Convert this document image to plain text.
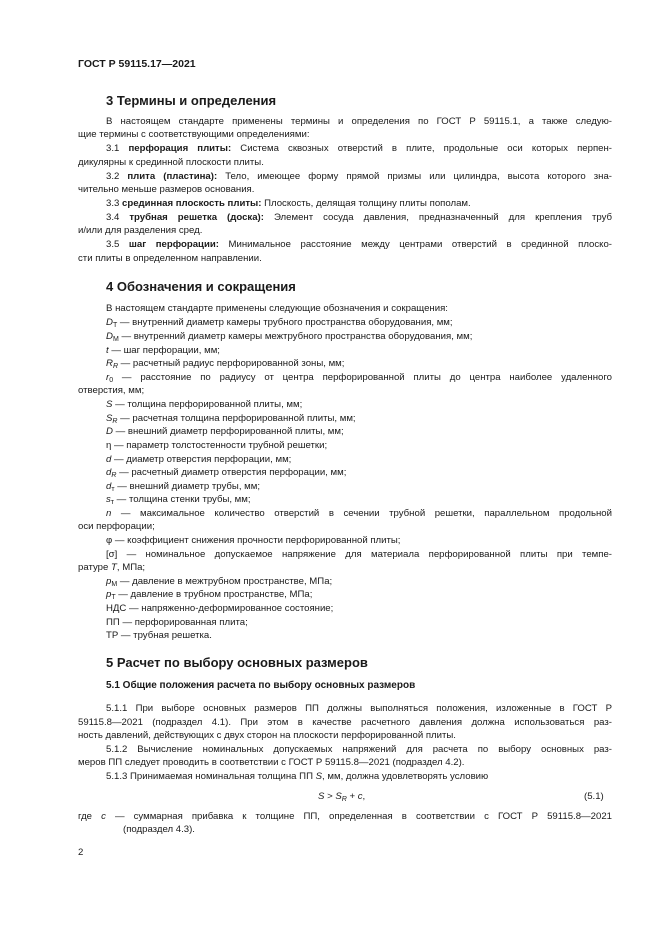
ГОСТ Р 59115.17—2021
3 Термины и определения
В настоящем стандарте применены термины и определения по ГОСТ Р 59115.1, а также следую-
щие термины с соответствующими определениями:
3.1 перфорация плиты: Система сквозных отверстий в плите, продольные оси которых перпен-
дикулярны к срединной плоскости плиты.
3.2 плита (пластина): Тело, имеющее форму прямой призмы или цилиндра, высота которого зна-
чительно меньше размеров основания.
3.3 срединная плоскость плиты: Плоскость, делящая толщину плиты пополам.
3.4 трубная решетка (доска): Элемент сосуда давления, предназначенный для крепления труб
и/или для разделения сред.
3.5 шаг перфорации: Минимальное расстояние между центрами отверстий в срединной плоско-
сти плиты в определенном направлении.
4 Обозначения и сокращения
В настоящем стандарте применены следующие обозначения и сокращения:
$D_T$ — внутренний диаметр камеры трубного пространства оборудования, мм;
$D_M$ — внутренний диаметр камеры межтрубного пространства оборудования, мм;
t — шаг перфорации, мм;
$R_R$ — расчетный радиус перфорированной зоны, мм;
$r_0$ — расстояние по радиусу от центра перфорированной плиты до центра наиболее удаленного
отверстия, мм;
S — толщина перфорированной плиты, мм;
$S_R$ — расчетная толщина перфорированной плиты, мм;
D — внешний диаметр перфорированной плиты, мм;
η — параметр толстостенности трубной решетки;
d — диаметр отверстия перфорации, мм;
$d_R$ — расчетный диаметр отверстия перфорации, мм;
$d_т$ — внешний диаметр трубы, мм;
$s_т$ — толщина стенки трубы, мм;
n — максимальное количество отверстий в сечении трубной решетки, параллельном продольной
оси перфорации;
φ — коэффициент снижения прочности перфорированной плиты;
[σ] — номинальное допускаемое напряжение для материала перфорированной плиты при темпе-
ратуре T, МПа;
$p_M$ — давление в межтрубном пространстве, МПа;
$p_T$ — давление в трубном пространстве, МПа;
НДС — напряженно-деформированное состояние;
ПП — перфорированная плита;
ТР — трубная решетка.
5 Расчет по выбору основных размеров
5.1 Общие положения расчета по выбору основных размеров
5.1.1 При выборе основных размеров ПП должны выполняться положения, изложенные в ГОСТ Р
59115.8—2021 (подраздел 4.1). При этом в качестве расчетного давления должна использоваться раз-
ность давлений, действующих с двух сторон на плоскости перфорированной плиты.
5.1.2 Вычисление номинальных допускаемых напряжений для расчета по выбору основных раз-
меров ПП следует проводить в соответствии с ГОСТ Р 59115.8—2021 (подраздел 4.2).
5.1.3 Принимаемая номинальная толщина ПП S, мм, должна удовлетворять условию
$S > S_R + c$,	(5.1)
где c — суммарная прибавка к толщине ПП, определенная в соответствии с ГОСТ Р 59115.8—2021
(подраздел 4.3).
2
